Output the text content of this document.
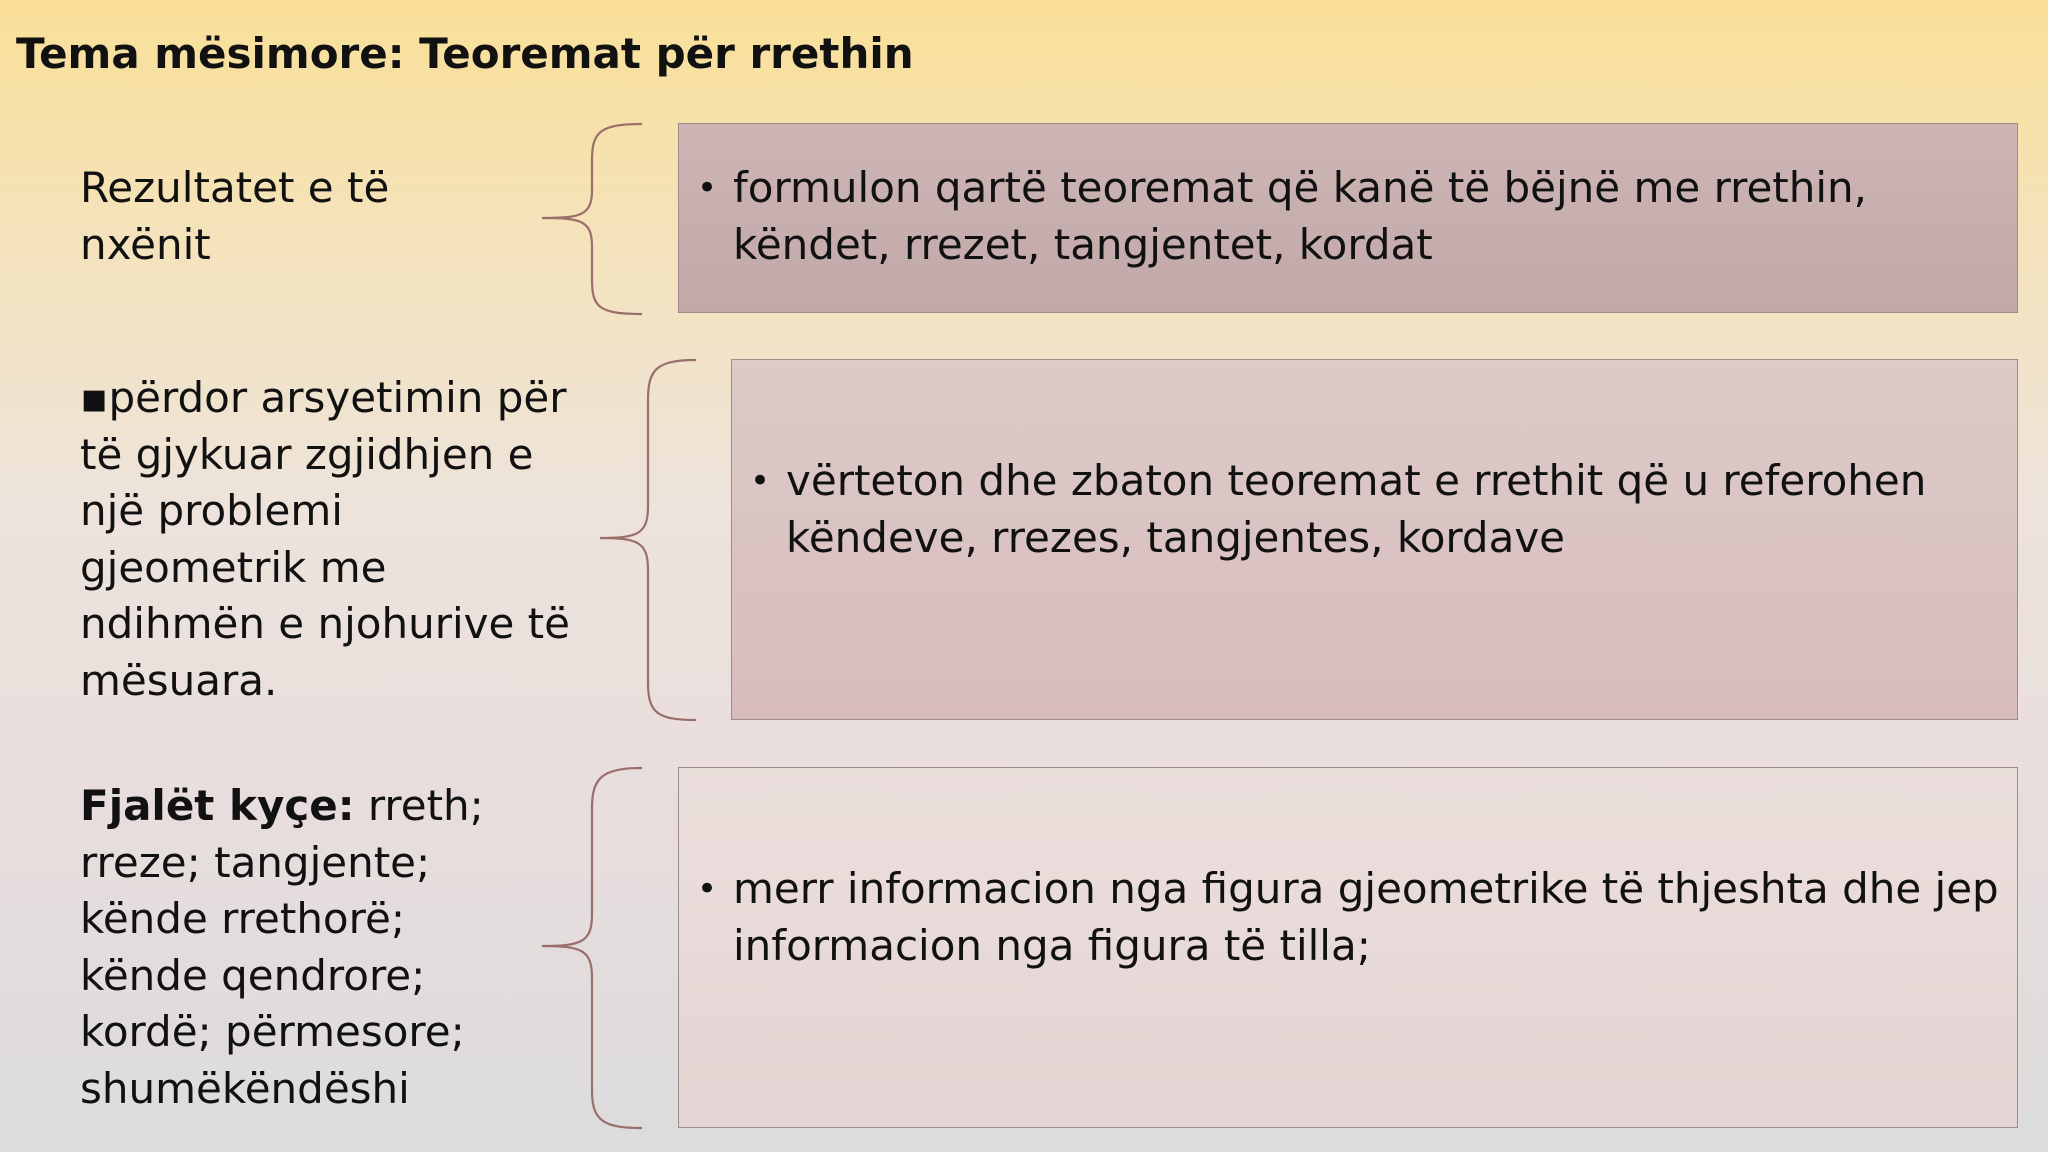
Tema mësimore: Teoremat për rrethin
Rezultatet e të
nxënit
▪përdor arsyetimin për
të gjykuar zgjidhjen e
një problemi
gjeometrik me
ndihmën e njohurive të
mësuara.
Fjalët kyçe: rreth;
rreze; tangjente;
kënde rrethorë;
kënde qendrore;
kordë; përmesore;
shumëkëndëshi
• formulon qartë teoremat që kanë të bëjnë me rrethin,
këndet, rrezet, tangjentet, kordat
• vërteton dhe zbaton teoremat e rrethit që u referohen
këndeve, rrezes, tangjentes, kordave
• merr informacion nga figura gjeometrike të thjeshta dhe jep
informacion nga figura të tilla;
